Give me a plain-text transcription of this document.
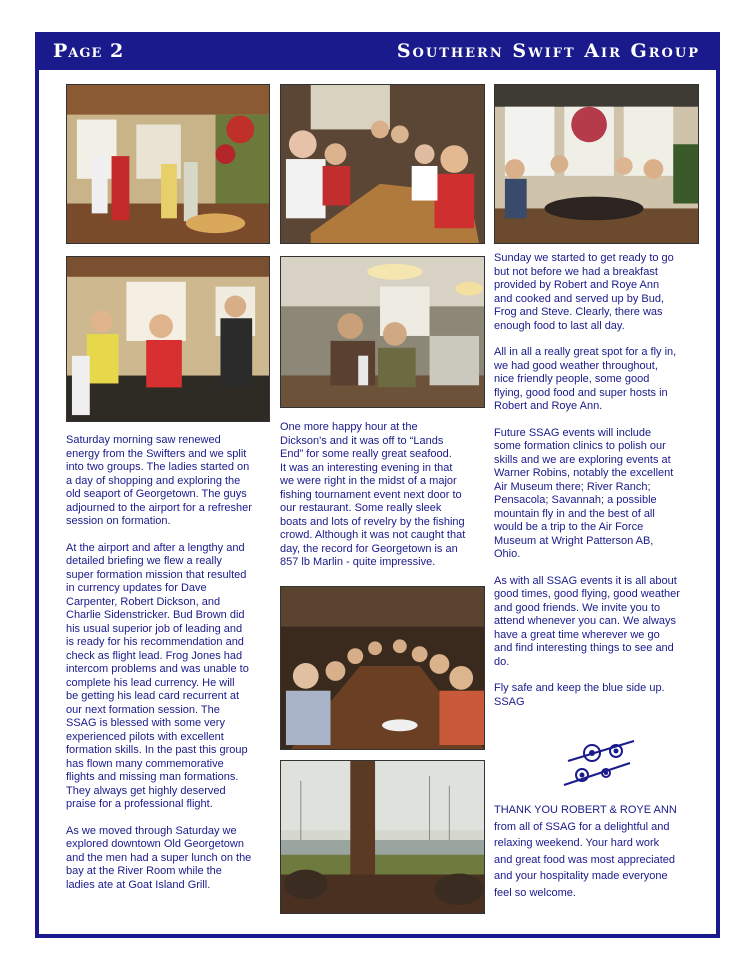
Page 2	Southern Swift Air Group

Saturday morning saw renewed
energy from the Swifters and we split
into two groups. The ladies started on
a day of shopping and exploring the
old seaport of Georgetown. The guys
adjourned to the airport for a refresher
session on formation.

At the airport and after a lengthy and
detailed briefing we flew a really
super formation mission that resulted
in currency updates for Dave
Carpenter, Robert Dickson, and
Charlie Sidenstricker. Bud Brown did
his usual superior job of leading and
is ready for his recommendation and
check as flight lead. Frog Jones had
intercom problems and was unable to
complete his lead currency. He will
be getting his lead card recurrent at
our next formation session. The
SSAG is blessed with some very
experienced pilots with excellent
formation skills. In the past this group
has flown many commemorative
flights and missing man formations.
They always get highly deserved
praise for a professional flight.

As we moved through Saturday we
explored downtown Old Georgetown
and the men had a super lunch on the
bay at the River Room while the
ladies ate at Goat Island Grill.

One more happy hour at the
Dickson's and it was off to “Lands
End” for some really great seafood.
It was an interesting evening in that
we were right in the midst of a major
fishing tournament event next door to
our restaurant. Some really sleek
boats and lots of revelry by the fishing
crowd. Although it was not caught that
day, the record for Georgetown is an
857 lb Marlin - quite impressive.

Sunday we started to get ready to go
but not before we had a breakfast
provided by Robert and Roye Ann
and cooked and served up by Bud,
Frog and Steve. Clearly, there was
enough food to last all day.

All in all a really great spot for a fly in,
we had good weather throughout,
nice friendly people, some good
flying, good food and super hosts in
Robert and Roye Ann.

Future SSAG events will include
some formation clinics to polish our
skills and we are exploring events at
Warner Robins, notably the excellent
Air Museum there; River Ranch;
Pensacola; Savannah; a possible
mountain fly in and the best of all
would be a trip to the Air Force
Museum at Wright Patterson AB,
Ohio.

As with all SSAG events it is all about
good times, good flying, good weather
and good friends. We invite you to
attend whenever you can. We always
have a great time wherever we go
and find interesting things to see and
do.

Fly safe and keep the blue side up.
SSAG

THANK YOU ROBERT & ROYE ANN
from all of SSAG for a delightful and
relaxing weekend. Your hard work
and great food was most appreciated
and your hospitality made everyone
feel so welcome.
